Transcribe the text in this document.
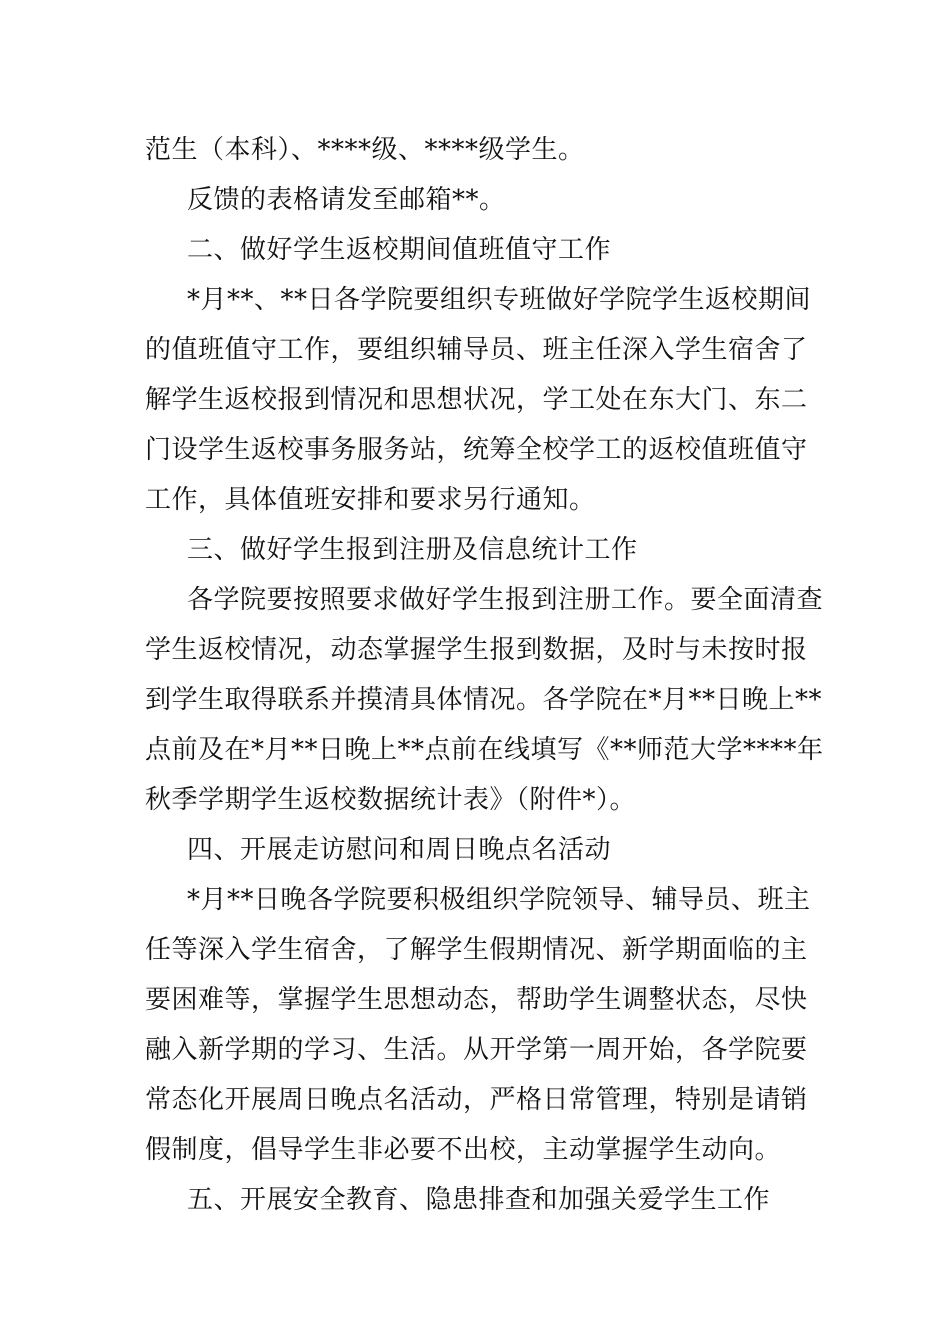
范生（本科）、****级、****级学生。
反馈的表格请发至邮箱**。
二、做好学生返校期间值班值守工作
*月**、**日各学院要组织专班做好学院学生返校期间
的值班值守工作，要组织辅导员、班主任深入学生宿舍了
解学生返校报到情况和思想状况，学工处在东大门、东二
门设学生返校事务服务站，统筹全校学工的返校值班值守
工作，具体值班安排和要求另行通知。
三、做好学生报到注册及信息统计工作
各学院要按照要求做好学生报到注册工作。要全面清查
学生返校情况，动态掌握学生报到数据，及时与未按时报
到学生取得联系并摸清具体情况。各学院在*月**日晚上**
点前及在*月**日晚上**点前在线填写《**师范大学****年
秋季学期学生返校数据统计表》（附件*）。
四、开展走访慰问和周日晚点名活动
*月**日晚各学院要积极组织学院领导、辅导员、班主
任等深入学生宿舍，了解学生假期情况、新学期面临的主
要困难等，掌握学生思想动态，帮助学生调整状态，尽快
融入新学期的学习、生活。从开学第一周开始，各学院要
常态化开展周日晚点名活动，严格日常管理，特别是请销
假制度，倡导学生非必要不出校，主动掌握学生动向。
五、开展安全教育、隐患排查和加强关爱学生工作
